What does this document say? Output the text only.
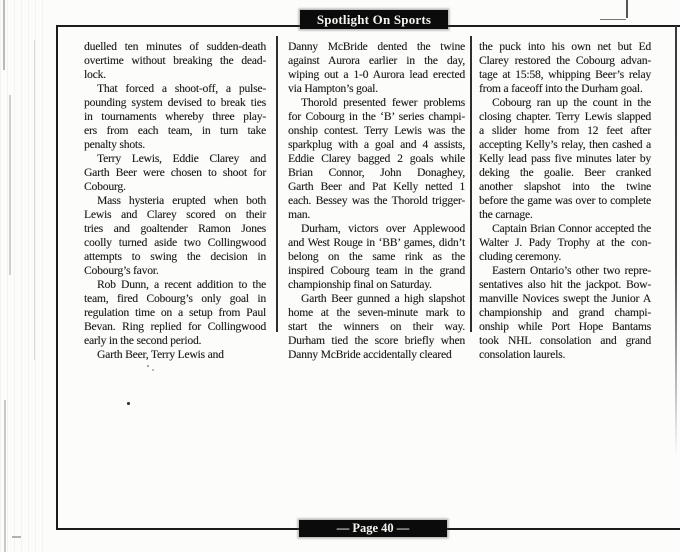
Spotlight On Sports
— Page 40 —
duelled ten minutes of sudden-death
overtime without breaking the dead-
lock.
That forced a shoot-off, a pulse-
pounding system devised to break ties
in tournaments whereby three play-
ers from each team, in turn take
penalty shots.
Terry Lewis, Eddie Clarey and
Garth Beer were chosen to shoot for
Cobourg.
Mass hysteria erupted when both
Lewis and Clarey scored on their
tries and goaltender Ramon Jones
coolly turned aside two Collingwood
attempts to swing the decision in
Cobourg’s favor.
Rob Dunn, a recent addition to the
team, fired Cobourg’s only goal in
regulation time on a setup from Paul
Bevan. Ring replied for Collingwood
early in the second period.
Garth Beer, Terry Lewis and
Danny McBride dented the twine
against Aurora earlier in the day,
wiping out a 1-0 Aurora lead erected
via Hampton’s goal.
Thorold presented fewer problems
for Cobourg in the ‘B’ series champi-
onship contest. Terry Lewis was the
sparkplug with a goal and 4 assists,
Eddie Clarey bagged 2 goals while
Brian Connor, John Donaghey,
Garth Beer and Pat Kelly netted 1
each. Bessey was the Thorold trigger-
man.
Durham, victors over Applewood
and West Rouge in ‘BB’ games, didn’t
belong on the same rink as the
inspired Cobourg team in the grand
championship final on Saturday.
Garth Beer gunned a high slapshot
home at the seven-minute mark to
start the winners on their way.
Durham tied the score briefly when
Danny McBride accidentally cleared
the puck into his own net but Ed
Clarey restored the Cobourg advan-
tage at 15:58, whipping Beer’s relay
from a faceoff into the Durham goal.
Cobourg ran up the count in the
closing chapter. Terry Lewis slapped
a slider home from 12 feet after
accepting Kelly’s relay, then cashed a
Kelly lead pass five minutes later by
deking the goalie. Beer cranked
another slapshot into the twine
before the game was over to complete
the carnage.
Captain Brian Connor accepted the
Walter J. Pady Trophy at the con-
cluding ceremony.
Eastern Ontario’s other two repre-
sentatives also hit the jackpot. Bow-
manville Novices swept the Junior A
championship and grand champi-
onship while Port Hope Bantams
took NHL consolation and grand
consolation laurels.
